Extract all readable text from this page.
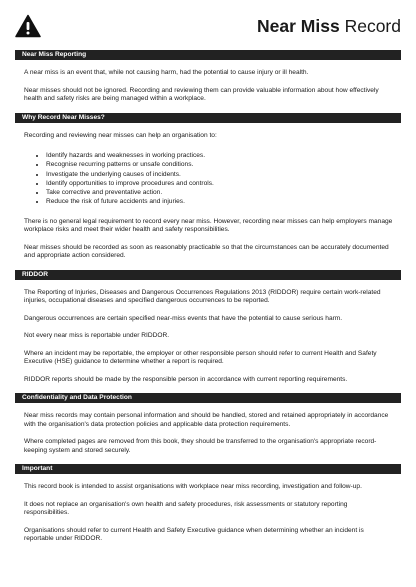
Near Miss Record
Near Miss Reporting

A near miss is an event that, while not causing harm, had the potential to cause injury or ill health.

Near misses should not be ignored. Recording and reviewing them can provide valuable information about how effectively health and safety risks are being managed within a workplace.

Why Record Near Misses?

Recording and reviewing near misses can help an organisation to:

• Identify hazards and weaknesses in working practices.
• Recognise recurring patterns or unsafe conditions.
• Investigate the underlying causes of incidents.
• Identify opportunities to improve procedures and controls.
• Take corrective and preventative action.
• Reduce the risk of future accidents and injuries.

There is no general legal requirement to record every near miss. However, recording near misses can help employers manage workplace risks and meet their wider health and safety responsibilities.

Near misses should be recorded as soon as reasonably practicable so that the circumstances can be accurately documented and appropriate action considered.

RIDDOR

The Reporting of Injuries, Diseases and Dangerous Occurrences Regulations 2013 (RIDDOR) require certain work-related injuries, occupational diseases and specified dangerous occurrences to be reported.

Dangerous occurrences are certain specified near-miss events that have the potential to cause serious harm.

Not every near miss is reportable under RIDDOR.

Where an incident may be reportable, the employer or other responsible person should refer to current Health and Safety Executive (HSE) guidance to determine whether a report is required.

RIDDOR reports should be made by the responsible person in accordance with current reporting requirements.

Confidentiality and Data Protection

Near miss records may contain personal information and should be handled, stored and retained appropriately in accordance with the organisation's data protection policies and applicable data protection requirements.

Where completed pages are removed from this book, they should be transferred to the organisation's appropriate record-keeping system and stored securely.

Important

This record book is intended to assist organisations with workplace near miss recording, investigation and follow-up.

It does not replace an organisation's own health and safety procedures, risk assessments or statutory reporting responsibilities.

Organisations should refer to current Health and Safety Executive guidance when determining whether an incident is reportable under RIDDOR.
